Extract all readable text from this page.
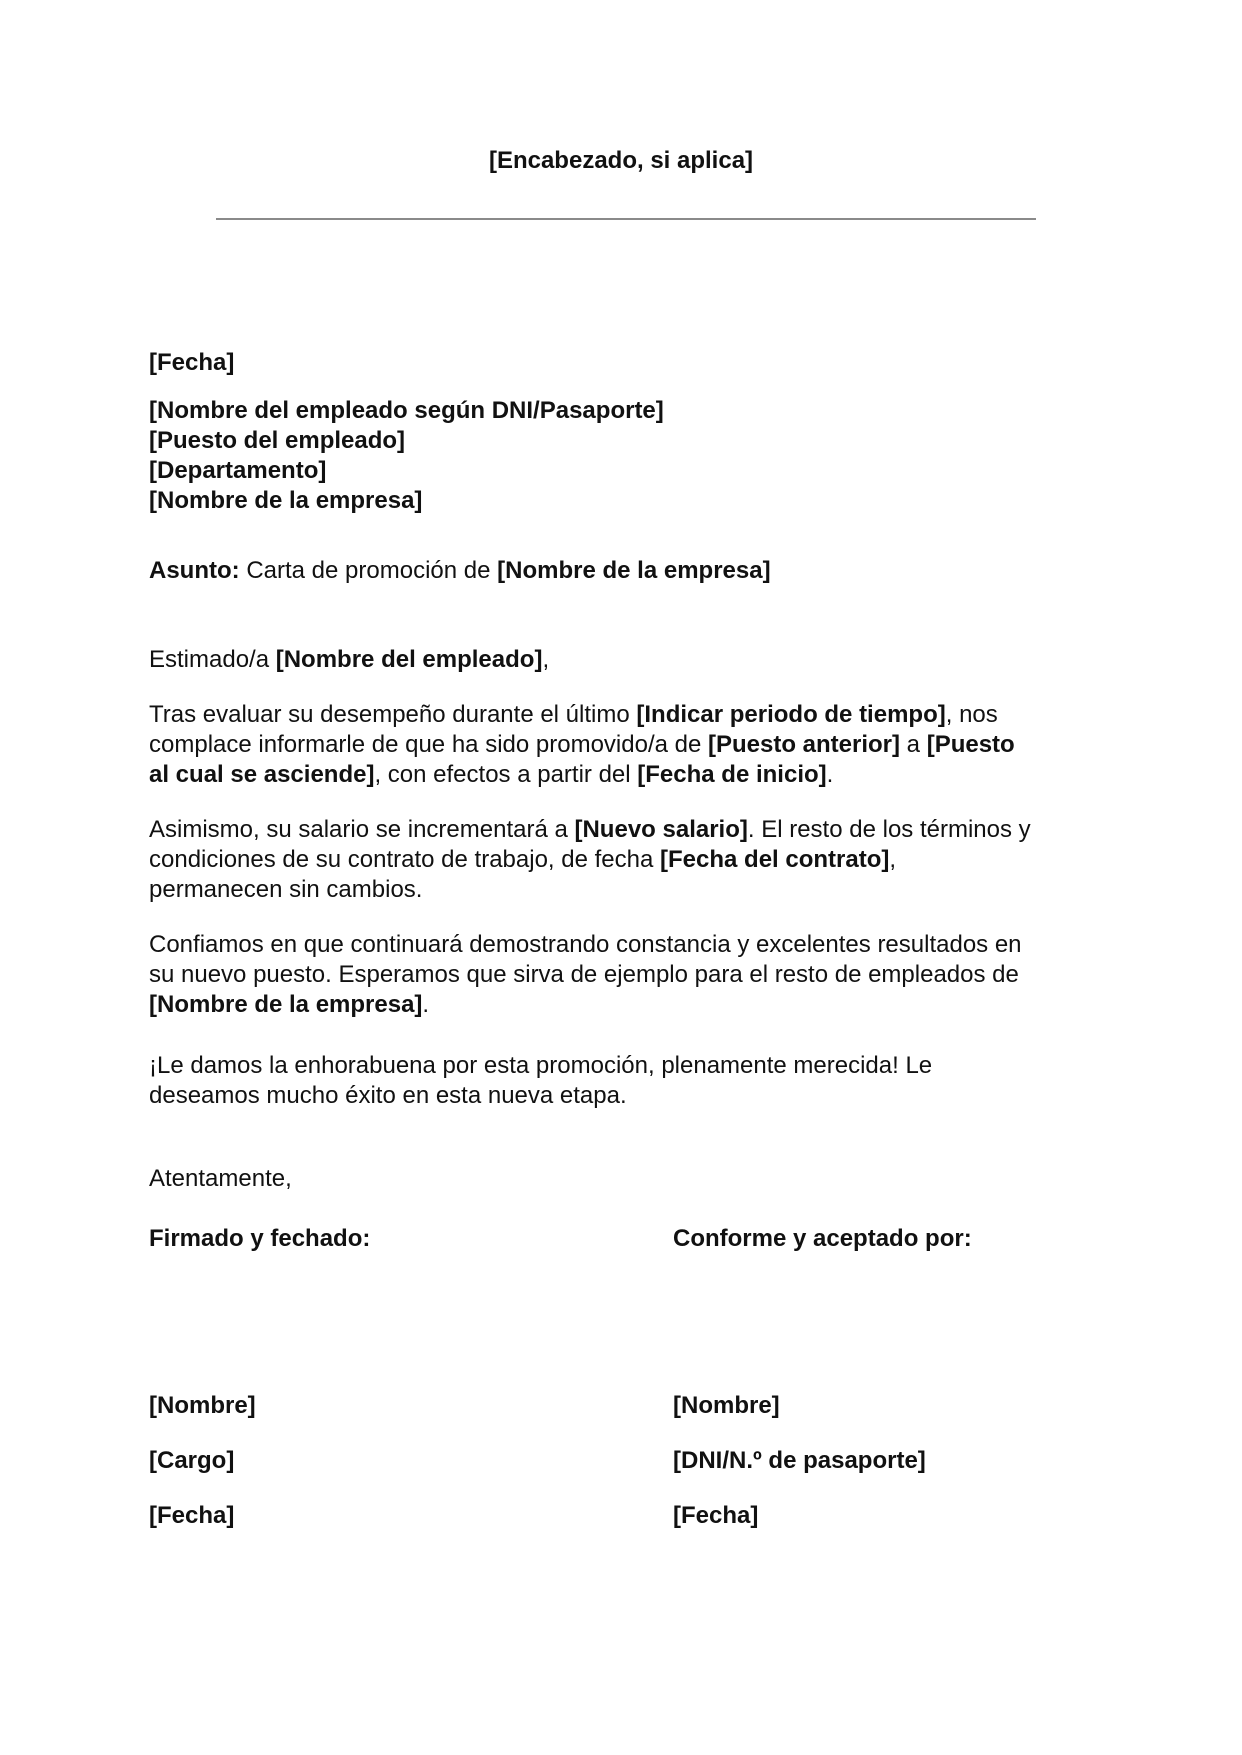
[Encabezado, si aplica]
[Fecha]
[Nombre del empleado según DNI/Pasaporte]
[Puesto del empleado]
[Departamento]
[Nombre de la empresa]
Asunto: Carta de promoción de [Nombre de la empresa]
Estimado/a [Nombre del empleado],
Tras evaluar su desempeño durante el último [Indicar periodo de tiempo], nos
complace informarle de que ha sido promovido/a de [Puesto anterior] a [Puesto
al cual se asciende], con efectos a partir del [Fecha de inicio].
Asimismo, su salario se incrementará a [Nuevo salario]. El resto de los términos y
condiciones de su contrato de trabajo, de fecha [Fecha del contrato],
permanecen sin cambios.
Confiamos en que continuará demostrando constancia y excelentes resultados en
su nuevo puesto. Esperamos que sirva de ejemplo para el resto de empleados de
[Nombre de la empresa].
¡Le damos la enhorabuena por esta promoción, plenamente merecida! Le
deseamos mucho éxito en esta nueva etapa.
Atentamente,
Firmado y fechado:	Conforme y aceptado por:
[Nombre]	[Nombre]
[Cargo]	[DNI/N.º de pasaporte]
[Fecha]	[Fecha]
